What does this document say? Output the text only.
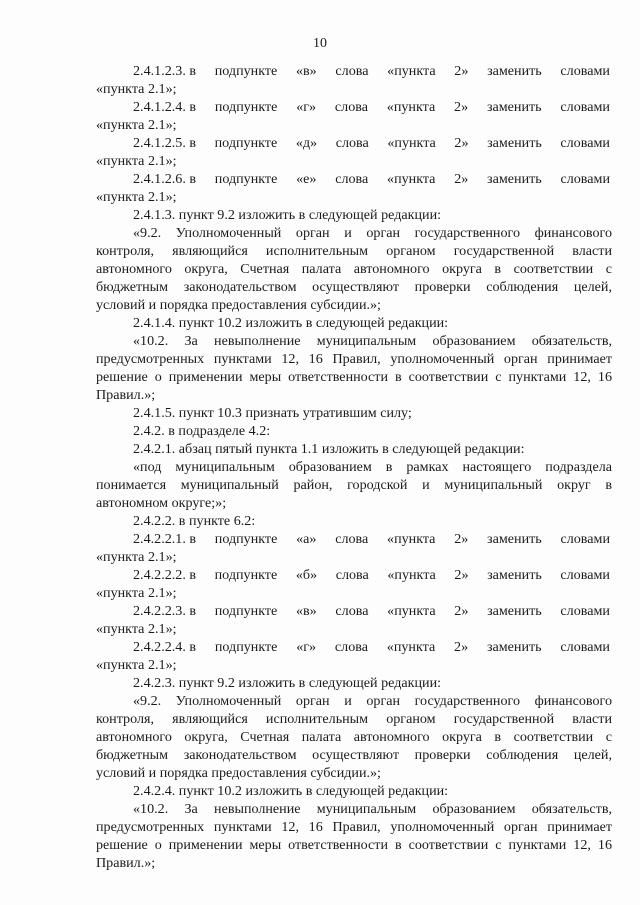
10
2.4.1.2.3. в подпункте «в» слова «пункта 2» заменить словами
«пункта 2.1»;
2.4.1.2.4. в подпункте «г» слова «пункта 2» заменить словами
«пункта 2.1»;
2.4.1.2.5. в подпункте «д» слова «пункта 2» заменить словами
«пункта 2.1»;
2.4.1.2.6. в подпункте «е» слова «пункта 2» заменить словами
«пункта 2.1»;
2.4.1.3. пункт 9.2 изложить в следующей редакции:
«9.2. Уполномоченный орган и орган государственного финансового
контроля, являющийся исполнительным органом государственной власти
автономного округа, Счетная палата автономного округа в соответствии с
бюджетным законодательством осуществляют проверки соблюдения целей,
условий и порядка предоставления субсидии.»;
2.4.1.4. пункт 10.2 изложить в следующей редакции:
«10.2. За невыполнение муниципальным образованием обязательств,
предусмотренных пунктами 12, 16 Правил, уполномоченный орган принимает
решение о применении меры ответственности в соответствии с пунктами 12, 16
Правил.»;
2.4.1.5. пункт 10.3 признать утратившим силу;
2.4.2. в подразделе 4.2:
2.4.2.1. абзац пятый пункта 1.1 изложить в следующей редакции:
«под муниципальным образованием в рамках настоящего подраздела
понимается муниципальный район, городской и муниципальный округ в
автономном округе;»;
2.4.2.2. в пункте 6.2:
2.4.2.2.1. в подпункте «а» слова «пункта 2» заменить словами
«пункта 2.1»;
2.4.2.2.2. в подпункте «б» слова «пункта 2» заменить словами
«пункта 2.1»;
2.4.2.2.3. в подпункте «в» слова «пункта 2» заменить словами
«пункта 2.1»;
2.4.2.2.4. в подпункте «г» слова «пункта 2» заменить словами
«пункта 2.1»;
2.4.2.3. пункт 9.2 изложить в следующей редакции:
«9.2. Уполномоченный орган и орган государственного финансового
контроля, являющийся исполнительным органом государственной власти
автономного округа, Счетная палата автономного округа в соответствии с
бюджетным законодательством осуществляют проверки соблюдения целей,
условий и порядка предоставления субсидии.»;
2.4.2.4. пункт 10.2 изложить в следующей редакции:
«10.2. За невыполнение муниципальным образованием обязательств,
предусмотренных пунктами 12, 16 Правил, уполномоченный орган принимает
решение о применении меры ответственности в соответствии с пунктами 12, 16
Правил.»;
